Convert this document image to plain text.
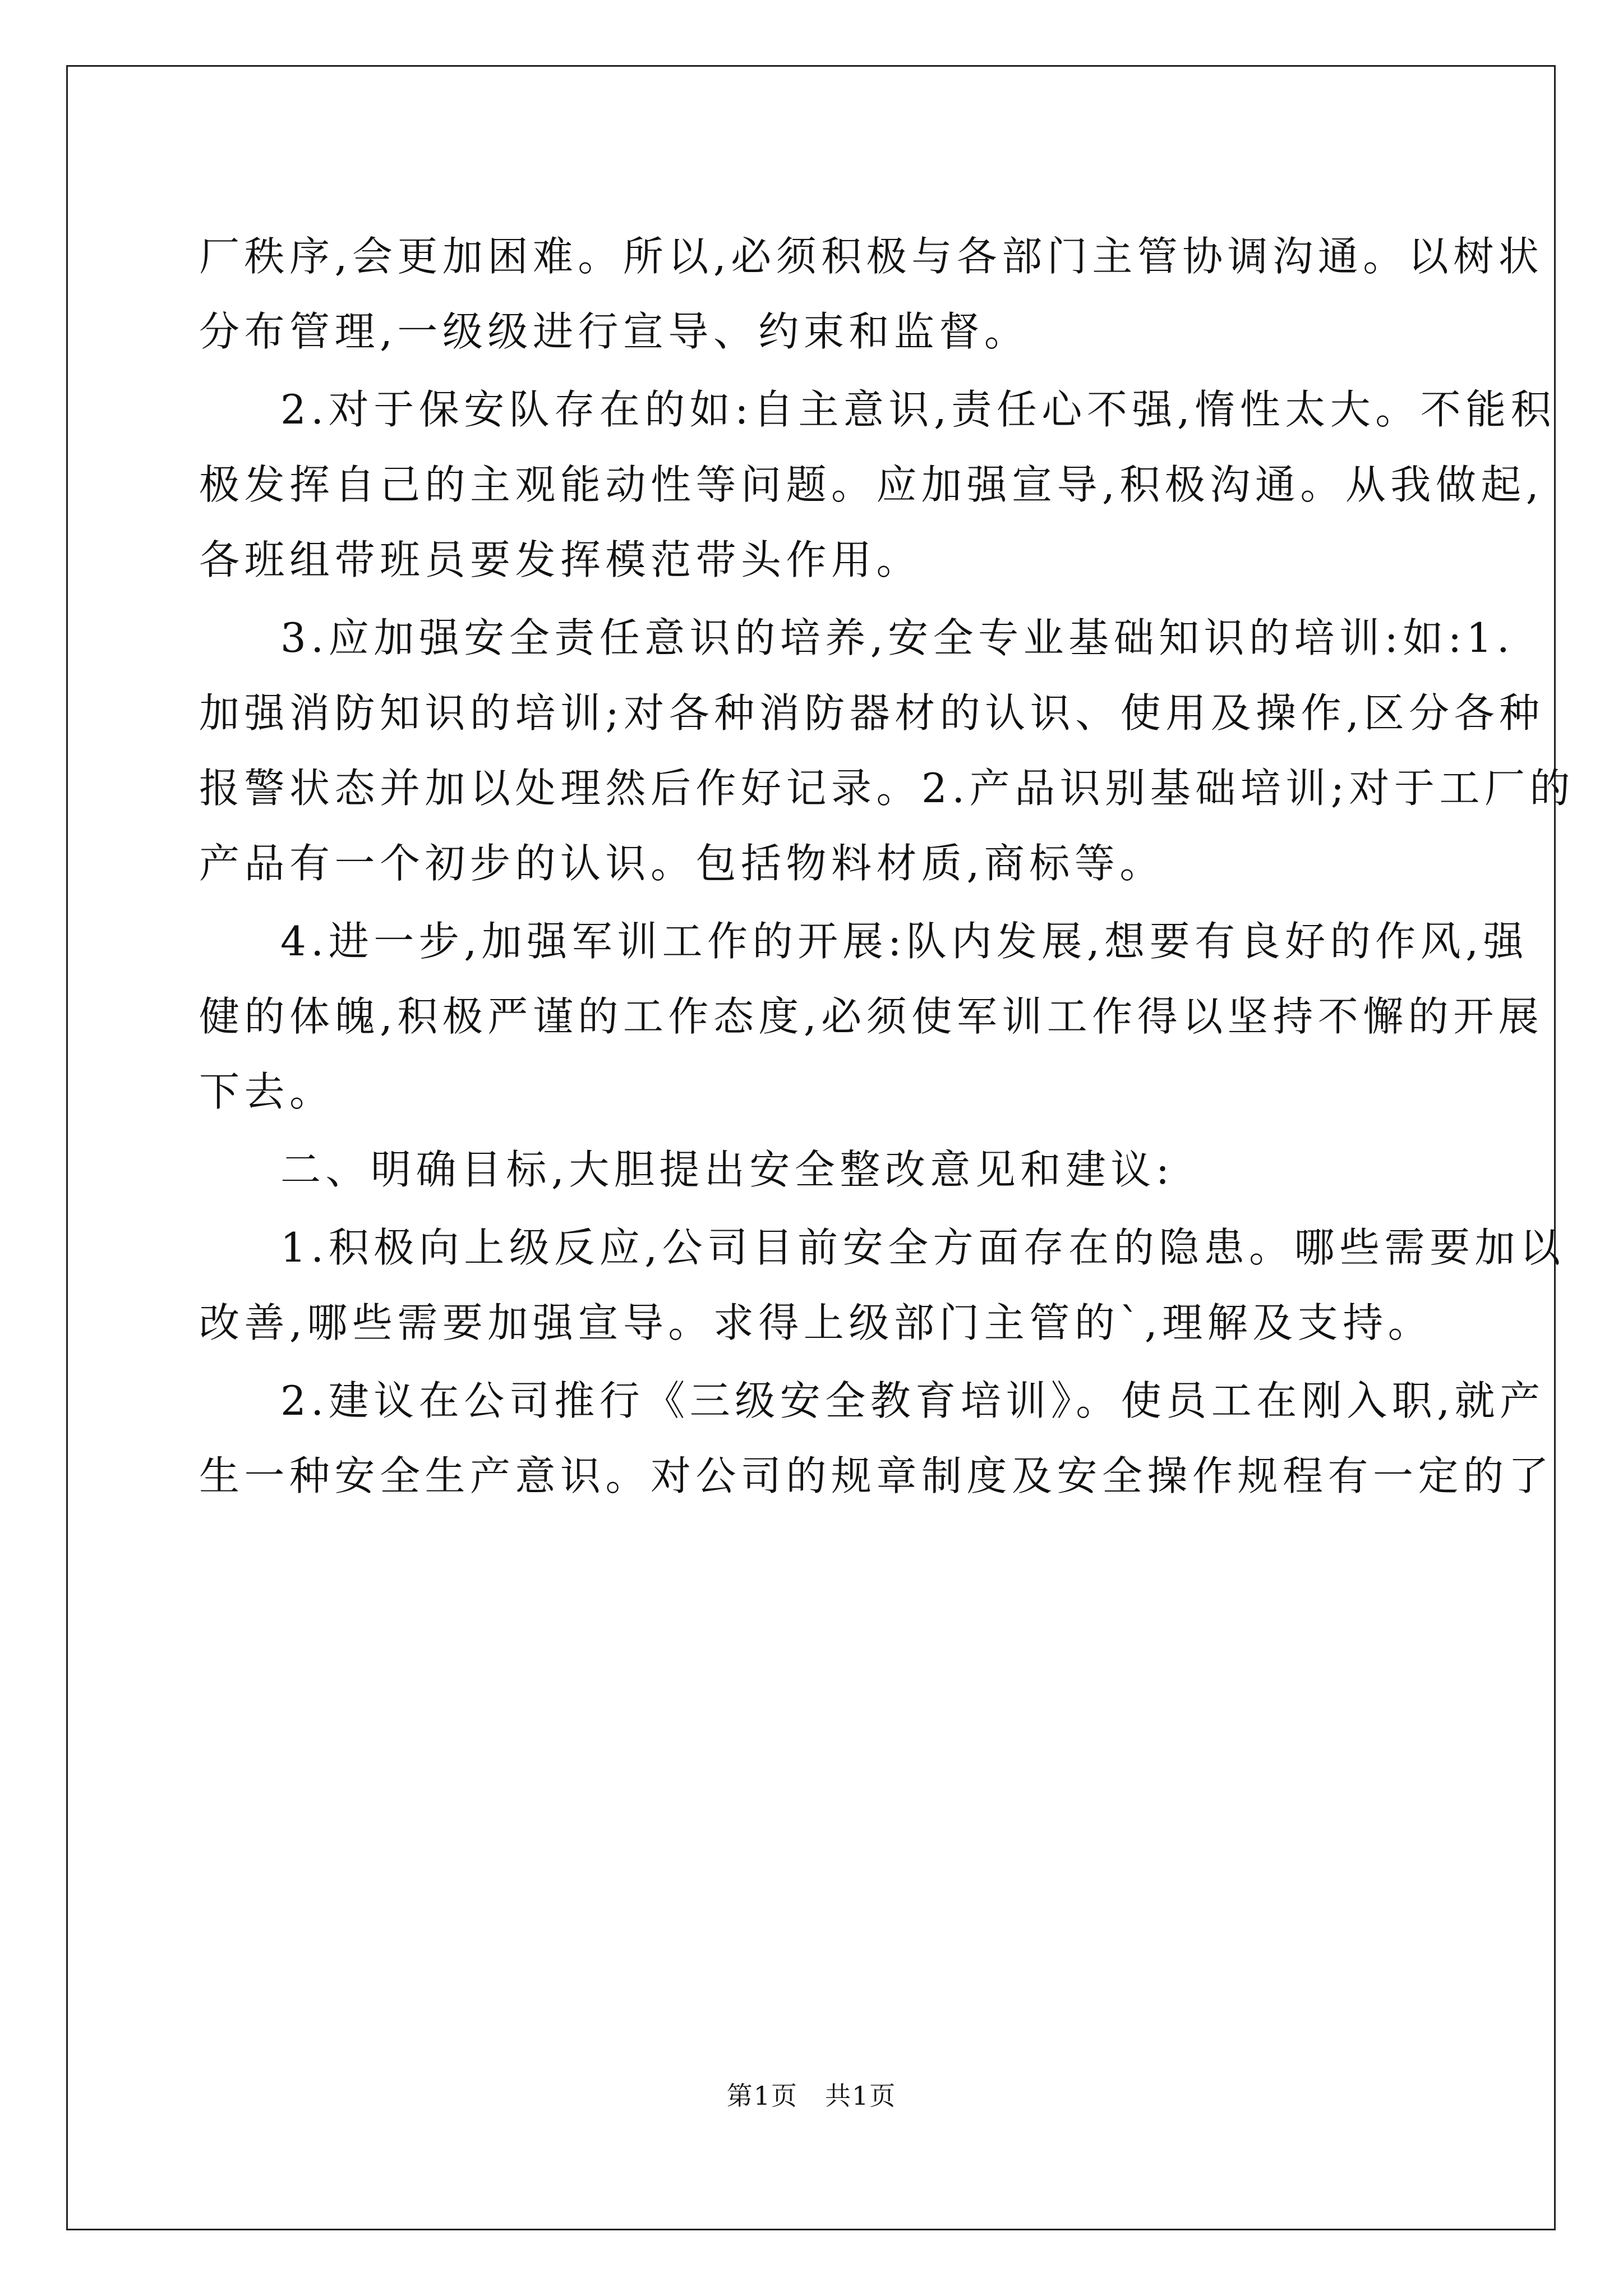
厂秩序,会更加困难。所以,必须积极与各部门主管协调沟通。以树状
分布管理,一级级进行宣导、约束和监督。
2.对于保安队存在的如:自主意识,责任心不强,惰性太大。不能积
极发挥自己的主观能动性等问题。应加强宣导,积极沟通。从我做起,
各班组带班员要发挥模范带头作用。
3.应加强安全责任意识的培养,安全专业基础知识的培训:如:1.
加强消防知识的培训;对各种消防器材的认识、使用及操作,区分各种
报警状态并加以处理然后作好记录。2.产品识别基础培训;对于工厂的
产品有一个初步的认识。包括物料材质,商标等。
4.进一步,加强军训工作的开展:队内发展,想要有良好的作风,强
健的体魄,积极严谨的工作态度,必须使军训工作得以坚持不懈的开展
下去。
二、明确目标,大胆提出安全整改意见和建议:
1.积极向上级反应,公司目前安全方面存在的隐患。哪些需要加以
改善,哪些需要加强宣导。求得上级部门主管的`,理解及支持。
2.建议在公司推行《三级安全教育培训》。使员工在刚入职,就产
生一种安全生产意识。对公司的规章制度及安全操作规程有一定的了
第1页　共1页
